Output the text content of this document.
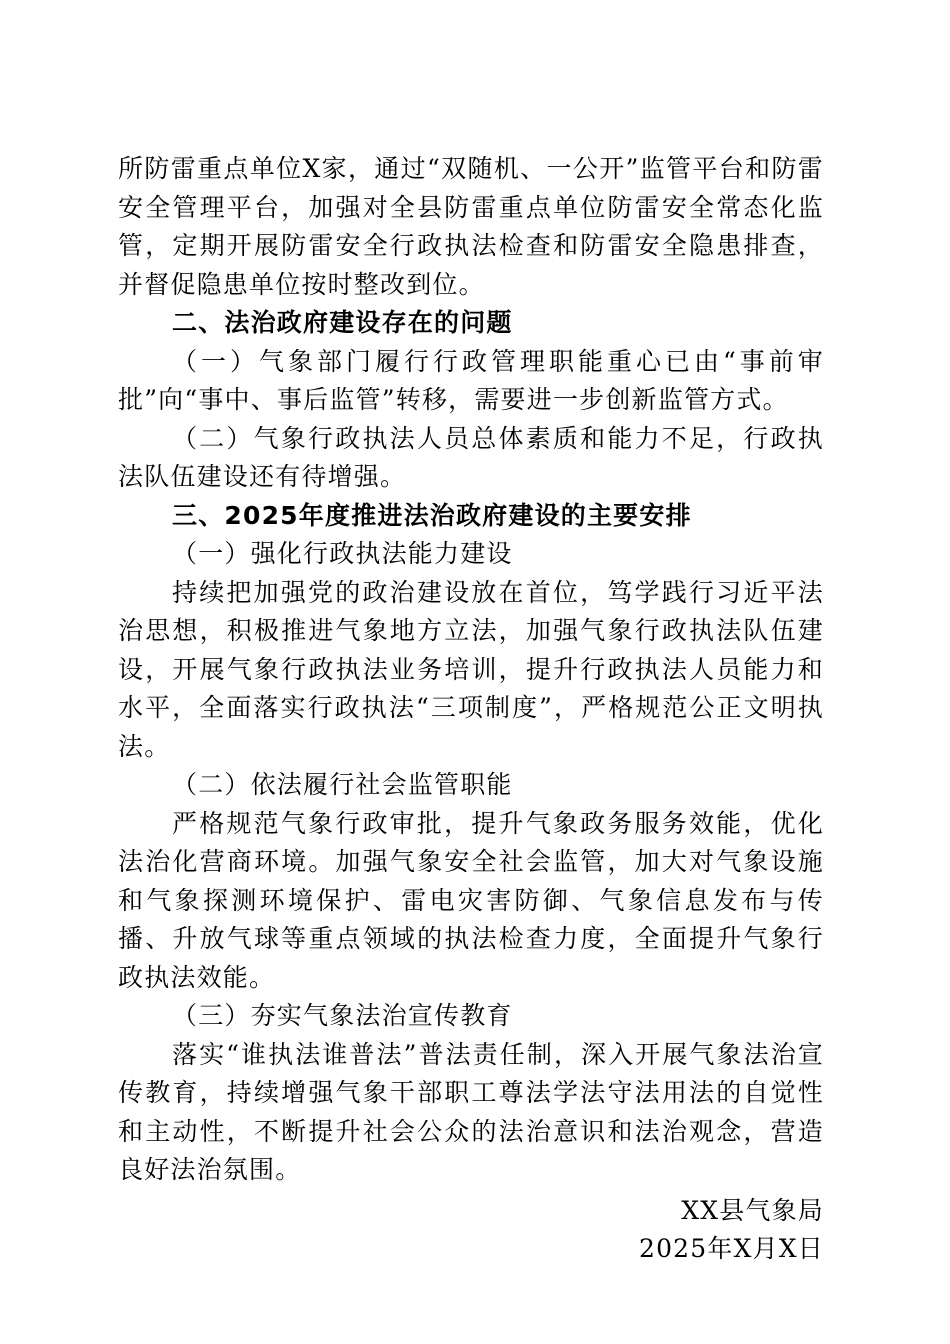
所防雷重点单位X家，通过“双随机、一公开”监管平台和防雷安全管理平台，加强对全县防雷重点单位防雷安全常态化监管，定期开展防雷安全行政执法检查和防雷安全隐患排查，并督促隐患单位按时整改到位。

二、法治政府建设存在的问题

（一）气象部门履行行政管理职能重心已由“事前审批”向“事中、事后监管”转移，需要进一步创新监管方式。

（二）气象行政执法人员总体素质和能力不足，行政执法队伍建设还有待增强。

三、2025年度推进法治政府建设的主要安排

（一）强化行政执法能力建设

持续把加强党的政治建设放在首位，笃学践行习近平法治思想，积极推进气象地方立法，加强气象行政执法队伍建设，开展气象行政执法业务培训，提升行政执法人员能力和水平，全面落实行政执法“三项制度”，严格规范公正文明执法。

（二）依法履行社会监管职能

严格规范气象行政审批，提升气象政务服务效能，优化法治化营商环境。加强气象安全社会监管，加大对气象设施和气象探测环境保护、雷电灾害防御、气象信息发布与传播、升放气球等重点领域的执法检查力度，全面提升气象行政执法效能。

（三）夯实气象法治宣传教育

落实“谁执法谁普法”普法责任制，深入开展气象法治宣传教育，持续增强气象干部职工尊法学法守法用法的自觉性和主动性，不断提升社会公众的法治意识和法治观念，营造良好法治氛围。

XX县气象局

2025年X月X日
